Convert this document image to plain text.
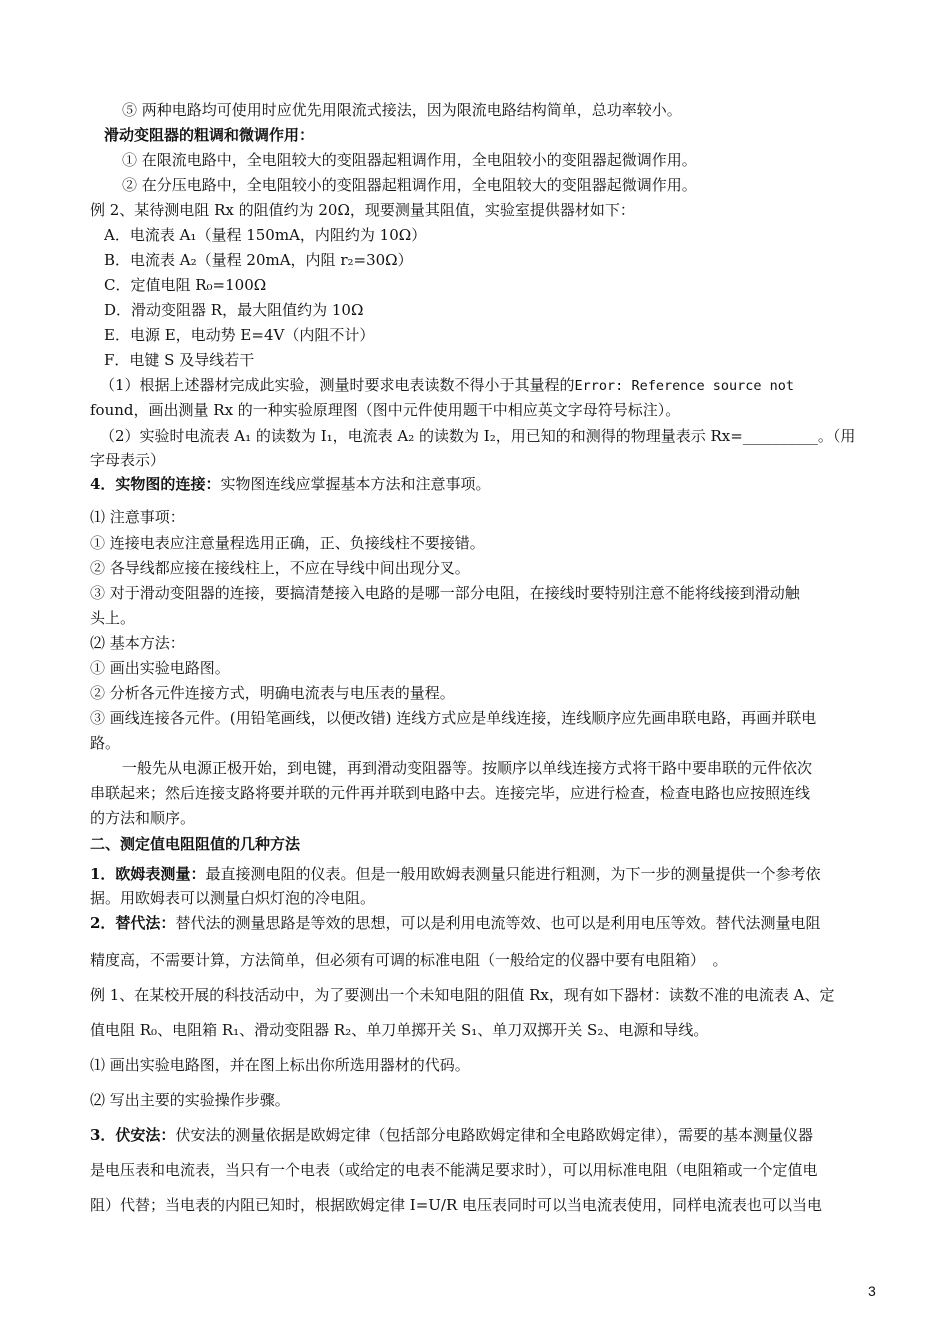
⑤ 两种电路均可使用时应优先用限流式接法，因为限流电路结构简单，总功率较小。
滑动变阻器的粗调和微调作用：
① 在限流电路中，全电阻较大的变阻器起粗调作用，全电阻较小的变阻器起微调作用。
② 在分压电路中，全电阻较小的变阻器起粗调作用，全电阻较大的变阻器起微调作用。
例 2、某待测电阻 Rx 的阻值约为 20Ω，现要测量其阻值，实验室提供器材如下：
A．电流表 A₁（量程 150mA，内阻约为 10Ω）
B．电流表 A₂（量程 20mA，内阻 r₂=30Ω）
C．定值电阻 R₀=100Ω
D．滑动变阻器 R，最大阻值约为 10Ω
E．电源 E，电动势 E=4V（内阻不计）
F．电键 S 及导线若干
（1）根据上述器材完成此实验，测量时要求电表读数不得小于其量程的Error: Reference source not
found，画出测量 Rx 的一种实验原理图（图中元件使用题干中相应英文字母符号标注）。
（2）实验时电流表 A₁ 的读数为 I₁，电流表 A₂ 的读数为 I₂，用已知的和测得的物理量表示 Rx=__________。（用
字母表示）
4．实物图的连接：实物图连线应掌握基本方法和注意事项。
⑴ 注意事项：
① 连接电表应注意量程选用正确，正、负接线柱不要接错。
② 各导线都应接在接线柱上，不应在导线中间出现分叉。
③ 对于滑动变阻器的连接，要搞清楚接入电路的是哪一部分电阻，在接线时要特别注意不能将线接到滑动触
头上。
⑵ 基本方法：
① 画出实验电路图。
② 分析各元件连接方式，明确电流表与电压表的量程。
③ 画线连接各元件。(用铅笔画线，以便改错) 连线方式应是单线连接，连线顺序应先画串联电路，再画并联电
路。
一般先从电源正极开始，到电键，再到滑动变阻器等。按顺序以单线连接方式将干路中要串联的元件依次
串联起来；然后连接支路将要并联的元件再并联到电路中去。连接完毕，应进行检查，检查电路也应按照连线
的方法和顺序。
二、测定值电阻阻值的几种方法
1．欧姆表测量：最直接测电阻的仪表。但是一般用欧姆表测量只能进行粗测，为下一步的测量提供一个参考依
据。用欧姆表可以测量白炽灯泡的冷电阻。
2．替代法：替代法的测量思路是等效的思想，可以是利用电流等效、也可以是利用电压等效。替代法测量电阻
精度高，不需要计算，方法简单，但必须有可调的标准电阻（一般给定的仪器中要有电阻箱）　。
例 1、在某校开展的科技活动中，为了要测出一个未知电阻的阻值 Rx，现有如下器材：读数不准的电流表 A、定
值电阻 R₀、电阻箱 R₁、滑动变阻器 R₂、单刀单掷开关 S₁、单刀双掷开关 S₂、电源和导线。
⑴ 画出实验电路图，并在图上标出你所选用器材的代码。
⑵ 写出主要的实验操作步骤。
3．伏安法：伏安法的测量依据是欧姆定律（包括部分电路欧姆定律和全电路欧姆定律），需要的基本测量仪器
是电压表和电流表，当只有一个电表（或给定的电表不能满足要求时），可以用标准电阻（电阻箱或一个定值电
阻）代替；当电表的内阻已知时，根据欧姆定律 I=U/R 电压表同时可以当电流表使用，同样电流表也可以当电
3
